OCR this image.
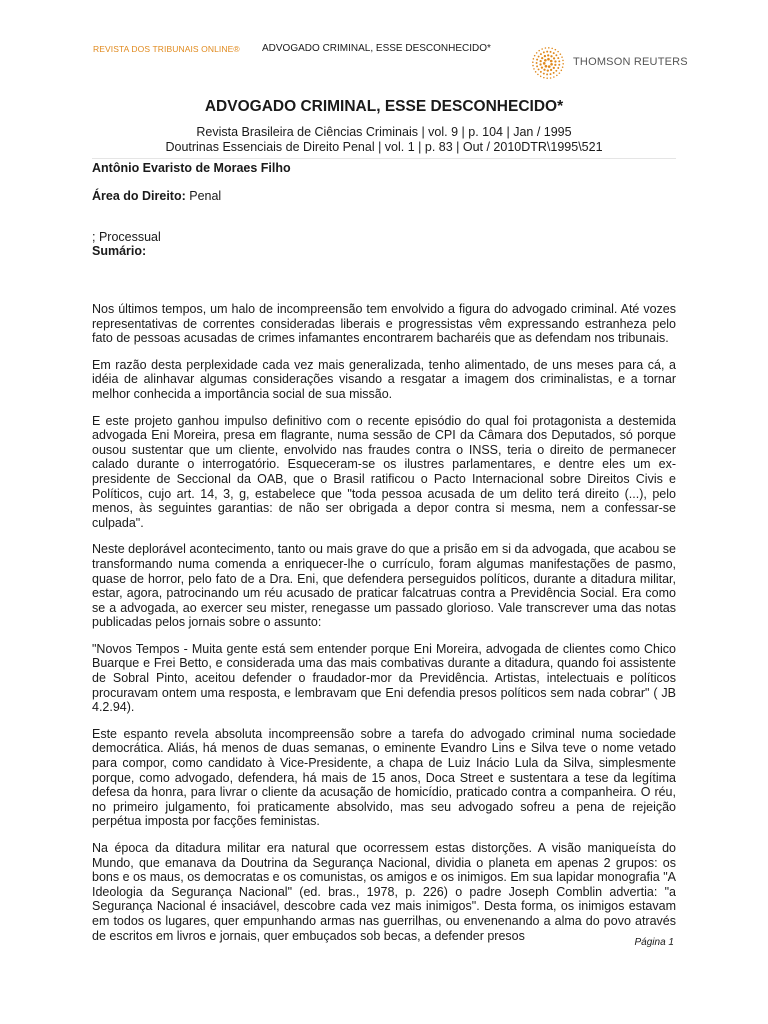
REVISTA DOS TRIBUNAIS ONLINE® ADVOGADO CRIMINAL, ESSE DESCONHECIDO*
THOMSON REUTERS
ADVOGADO CRIMINAL, ESSE DESCONHECIDO*
Revista Brasileira de Ciências Criminais | vol. 9 | p. 104 | Jan / 1995
Doutrinas Essenciais de Direito Penal | vol. 1 | p. 83 | Out / 2010DTR\1995\521
Antônio Evaristo de Moraes Filho
Área do Direito: Penal
; Processual
Sumário:

Nos últimos tempos, um halo de incompreensão tem envolvido a figura do advogado criminal. Até vozes representativas de correntes consideradas liberais e progressistas vêm expressando estranheza pelo fato de pessoas acusadas de crimes infamantes encontrarem bacharéis que as defendam nos tribunais.

Em razão desta perplexidade cada vez mais generalizada, tenho alimentado, de uns meses para cá, a idéia de alinhavar algumas considerações visando a resgatar a imagem dos criminalistas, e a tornar melhor conhecida a importância social de sua missão.

E este projeto ganhou impulso definitivo com o recente episódio do qual foi protagonista a destemida advogada Eni Moreira, presa em flagrante, numa sessão de CPI da Câmara dos Deputados, só porque ousou sustentar que um cliente, envolvido nas fraudes contra o INSS, teria o direito de permanecer calado durante o interrogatório. Esqueceram-se os ilustres parlamentares, e dentre eles um ex-presidente de Seccional da OAB, que o Brasil ratificou o Pacto Internacional sobre Direitos Civis e Políticos, cujo art. 14, 3, g, estabelece que "toda pessoa acusada de um delito terá direito (...), pelo menos, às seguintes garantias: de não ser obrigada a depor contra si mesma, nem a confessar-se culpada".

Neste deplorável acontecimento, tanto ou mais grave do que a prisão em si da advogada, que acabou se transformando numa comenda a enriquecer-lhe o currículo, foram algumas manifestações de pasmo, quase de horror, pelo fato de a Dra. Eni, que defendera perseguidos políticos, durante a ditadura militar, estar, agora, patrocinando um réu acusado de praticar falcatruas contra a Previdência Social. Era como se a advogada, ao exercer seu mister, renegasse um passado glorioso. Vale transcrever uma das notas publicadas pelos jornais sobre o assunto:

"Novos Tempos - Muita gente está sem entender porque Eni Moreira, advogada de clientes como Chico Buarque e Frei Betto, e considerada uma das mais combativas durante a ditadura, quando foi assistente de Sobral Pinto, aceitou defender o fraudador-mor da Previdência. Artistas, intelectuais e políticos procuravam ontem uma resposta, e lembravam que Eni defendia presos políticos sem nada cobrar" ( JB 4.2.94).

Este espanto revela absoluta incompreensão sobre a tarefa do advogado criminal numa sociedade democrática. Aliás, há menos de duas semanas, o eminente Evandro Lins e Silva teve o nome vetado para compor, como candidato à Vice-Presidente, a chapa de Luiz Inácio Lula da Silva, simplesmente porque, como advogado, defendera, há mais de 15 anos, Doca Street e sustentara a tese da legítima defesa da honra, para livrar o cliente da acusação de homicídio, praticado contra a companheira. O réu, no primeiro julgamento, foi praticamente absolvido, mas seu advogado sofreu a pena de rejeição perpétua imposta por facções feministas.

Na época da ditadura militar era natural que ocorressem estas distorções. A visão maniqueísta do Mundo, que emanava da Doutrina da Segurança Nacional, dividia o planeta em apenas 2 grupos: os bons e os maus, os democratas e os comunistas, os amigos e os inimigos. Em sua lapidar monografia "A Ideologia da Segurança Nacional" (ed. bras., 1978, p. 226) o padre Joseph Comblin advertia: "a Segurança Nacional é insaciável, descobre cada vez mais inimigos". Desta forma, os inimigos estavam em todos os lugares, quer empunhando armas nas guerrilhas, ou envenenando a alma do povo através de escritos em livros e jornais, quer embuçados sob becas, a defender presos	Página 1
